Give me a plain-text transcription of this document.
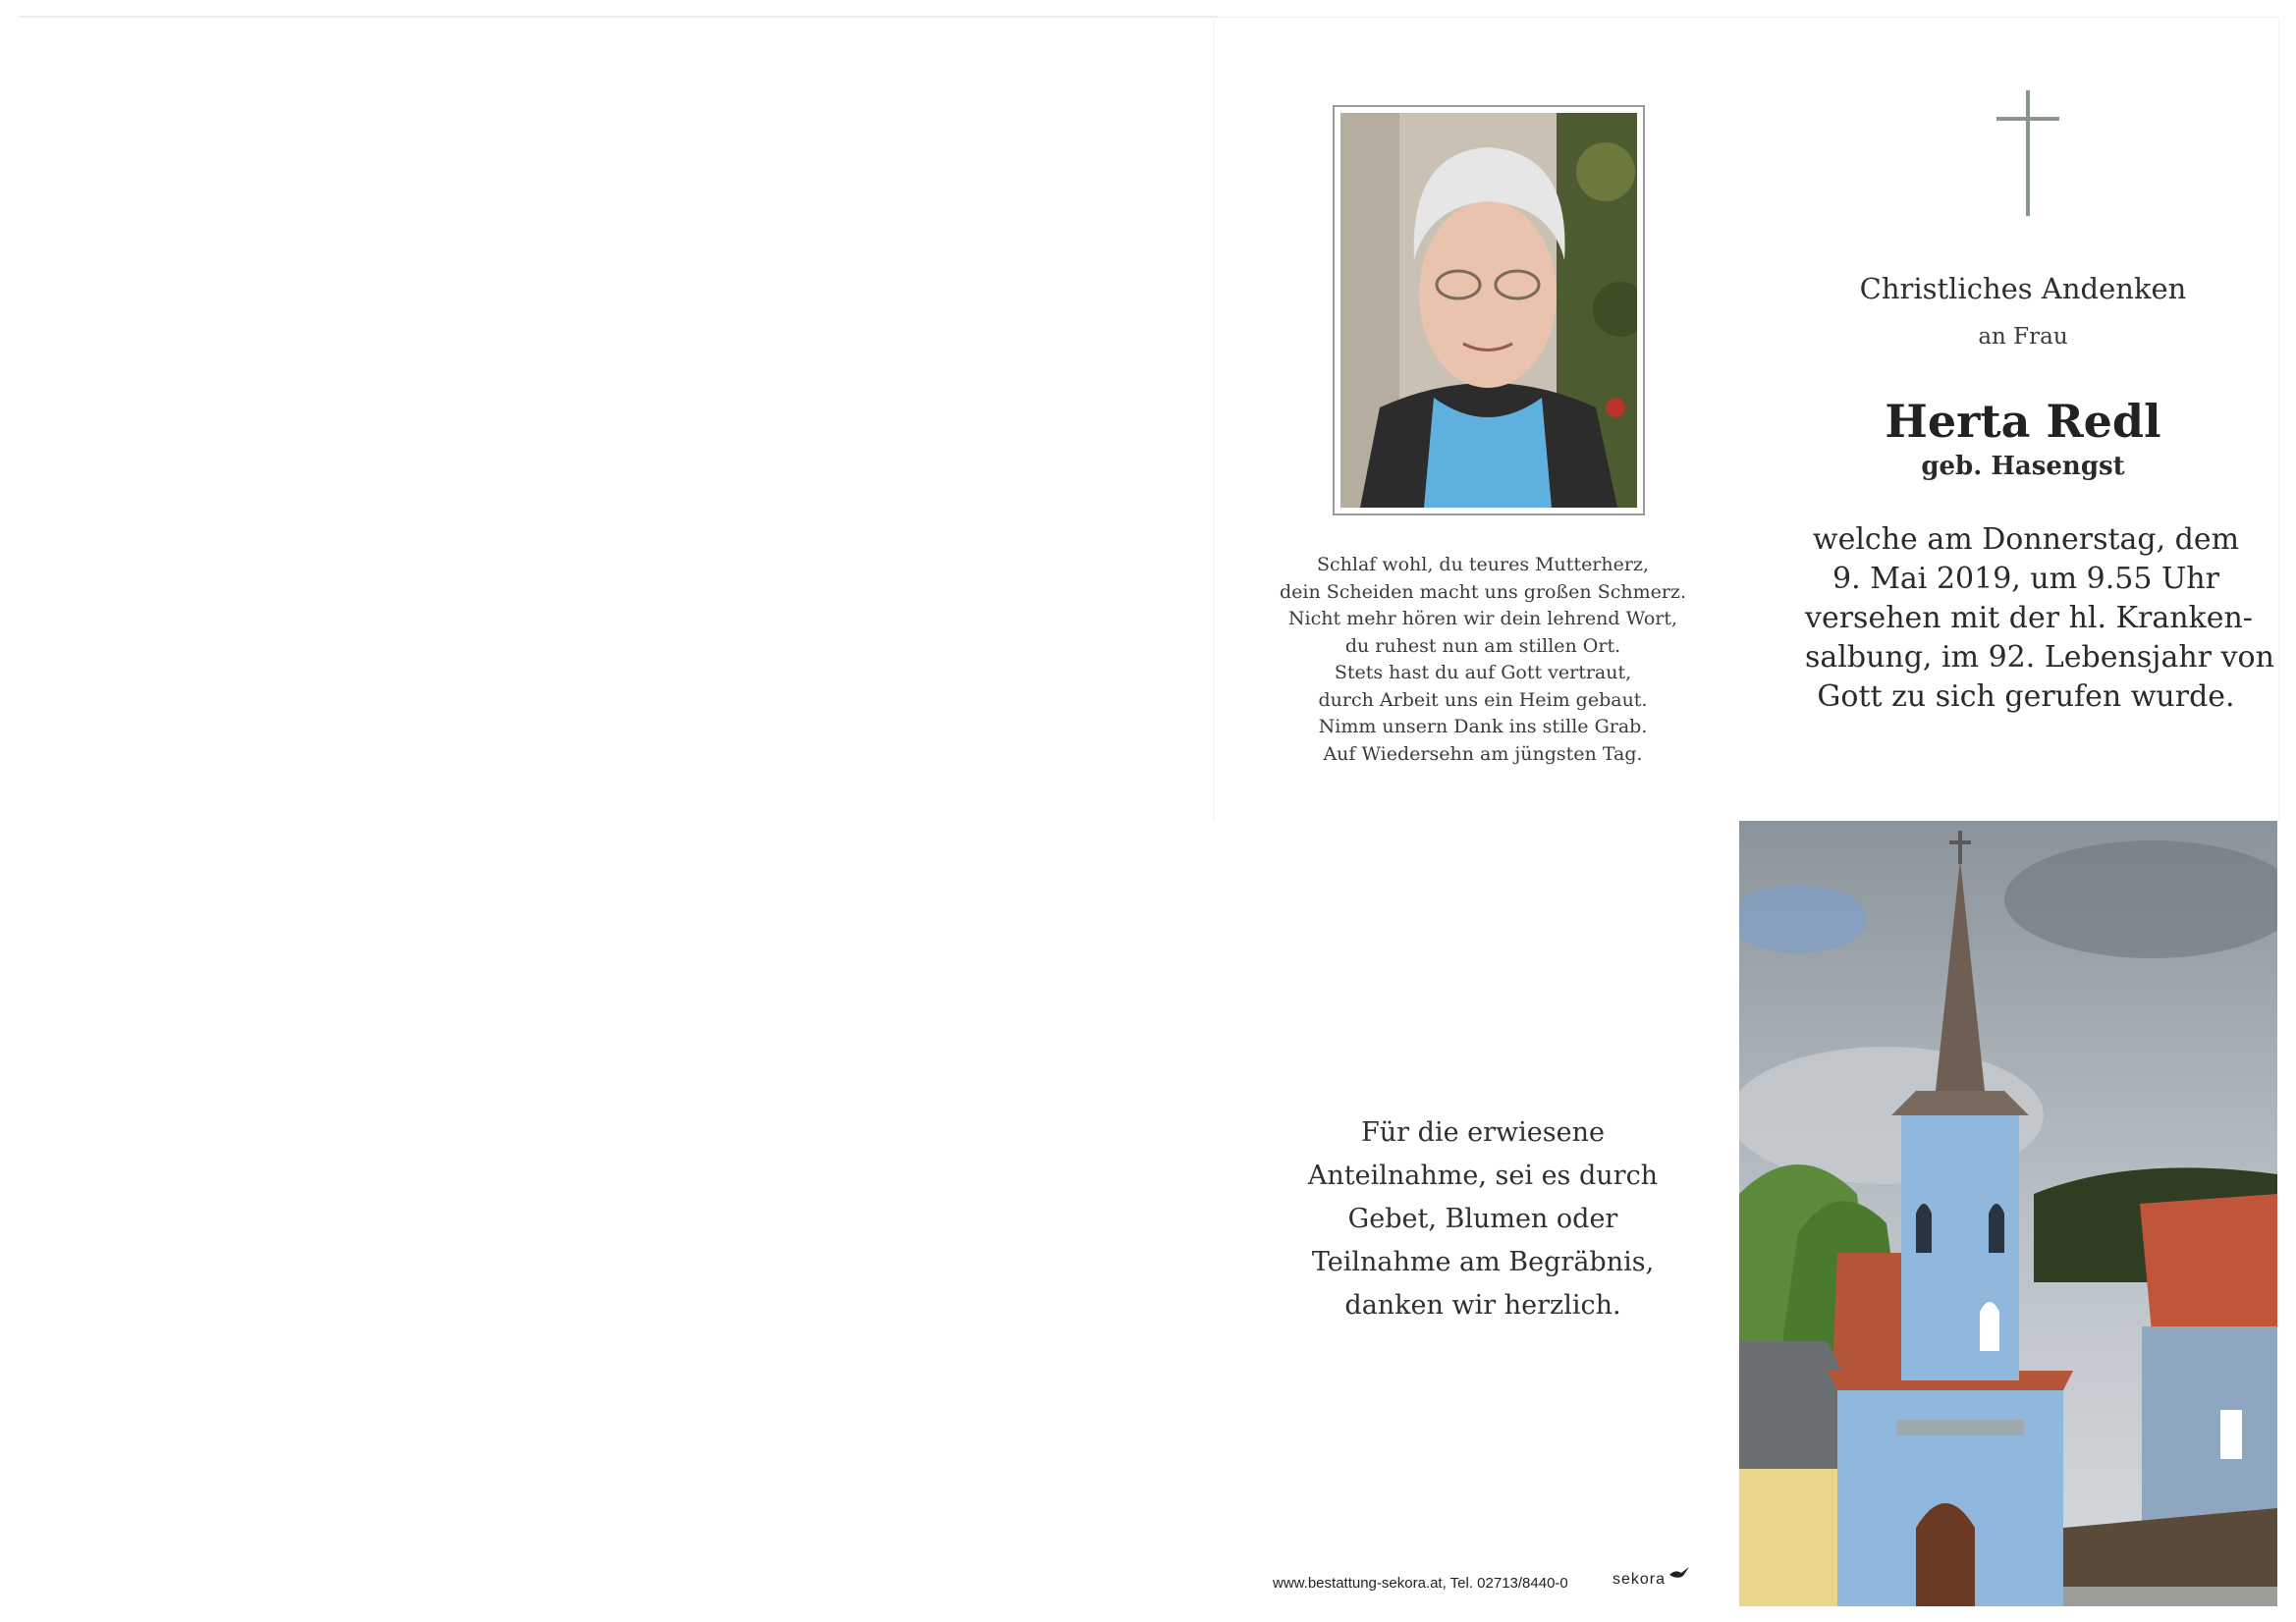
Schlaf wohl, du teures Mutterherz,
dein Scheiden macht uns großen Schmerz.
Nicht mehr hören wir dein lehrend Wort,
du ruhest nun am stillen Ort.
Stets hast du auf Gott vertraut,
durch Arbeit uns ein Heim gebaut.
Nimm unsern Dank ins stille Grab.
Auf Wiedersehn am jüngsten Tag.
Christliches Andenken
an Frau
Herta Redl
geb. Hasengst
welche am Donnerstag, dem
9. Mai 2019, um 9.55 Uhr
versehen mit der hl. Kranken-
salbung, im 92. Lebensjahr von
Gott zu sich gerufen wurde.
Für die erwiesene
Anteilnahme, sei es durch
Gebet, Blumen oder
Teilnahme am Begräbnis,
danken wir herzlich.
www.bestattung-sekora.at, Tel. 02713/8440-0	sekora
